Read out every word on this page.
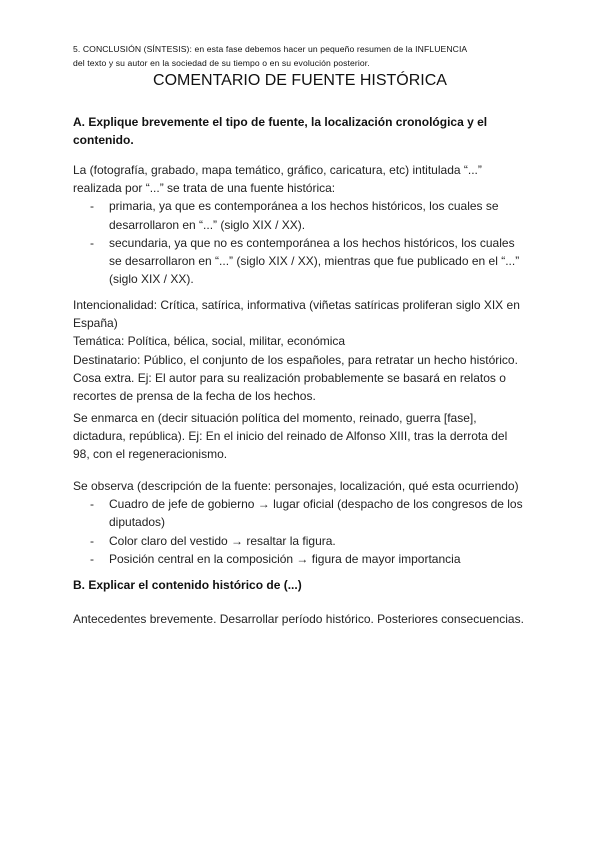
5. CONCLUSIÓN (SÍNTESIS): en esta fase debemos hacer un pequeño resumen de la INFLUENCIA
del texto y su autor en la sociedad de su tiempo o en su evolución posterior.
COMENTARIO DE FUENTE HISTÓRICA
A. Explique brevemente el tipo de fuente, la localización cronológica y el
contenido.

La (fotografía, grabado, mapa temático, gráfico, caricatura, etc) intitulada “...”

realizada por “...” se trata de una fuente histórica:

- primaria, ya que es contemporánea a los hechos históricos, los cuales se
desarrollaron en “...” (siglo XIX / XX).
- secundaria, ya que no es contemporánea a los hechos históricos, los cuales
se desarrollaron en “...” (siglo XIX / XX), mientras que fue publicado en el “...”
(siglo XIX / XX).

Intencionalidad: Crítica, satírica, informativa (viñetas satíricas proliferan siglo XIX en

España)

Temática: Política, bélica, social, militar, económica

Destinatario: Público, el conjunto de los españoles, para retratar un hecho histórico.

Cosa extra. Ej: El autor para su realización probablemente se basará en relatos o

recortes de prensa de la fecha de los hechos.

Se enmarca en (decir situación política del momento, reinado, guerra [fase],

dictadura, república). Ej: En el inicio del reinado de Alfonso XIII, tras la derrota del

98, con el regeneracionismo.

Se observa (descripción de la fuente: personajes, localización, qué esta ocurriendo)

- Cuadro de jefe de gobierno → lugar oficial (despacho de los congresos de los
diputados)
- Color claro del vestido → resaltar la figura.
- Posición central en la composición → figura de mayor importancia
B. Explicar el contenido histórico de (...)
Antecedentes brevemente. Desarrollar período histórico. Posteriores consecuencias.
